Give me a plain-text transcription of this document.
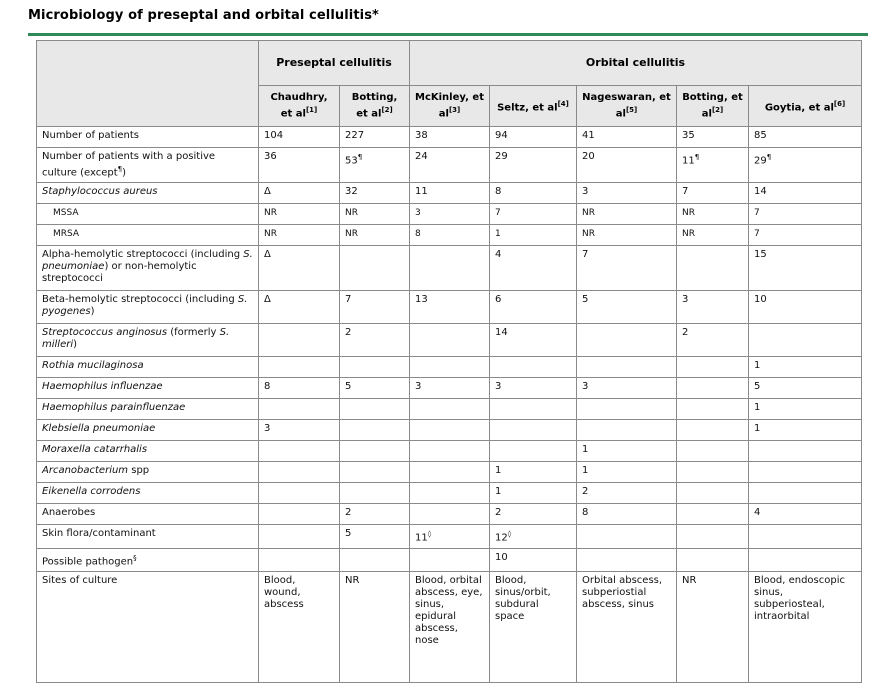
Microbiology of preseptal and orbital cellulitis*
	Preseptal cellulitis		Orbital cellulitis				
	Chaudhry, et al[1]	Botting, et al[2]	McKinley, et al[3]	Seltz, et al[4]	Nageswaran, et al[5]	Botting, et al[2]	Goytia, et al[6]
Number of patients	104	227	38	94	41	35	85
Number of patients with a positive culture (except¶)	36	53¶	24	29	20	11¶	29¶
Staphylococcus aureus	Δ	32	11	8	3	7	14
MSSA	NR	NR	3	7	NR	NR	7
MRSA	NR	NR	8	1	NR	NR	7
Alpha-hemolytic streptococci (including S. pneumoniae) or non-hemolytic streptococci	Δ			4	7		15
Beta-hemolytic streptococci (including S. pyogenes)	Δ	7	13	6	5	3	10
Streptococcus anginosus (formerly S. milleri)		2		14		2	
Rothia mucilaginosa							1
Haemophilus influenzae	8	5	3	3	3		5
Haemophilus parainfluenzae							1
Klebsiella pneumoniae	3						1
Moraxella catarrhalis					1		
Arcanobacterium spp				1	1		
Eikenella corrodens				1	2		
Anaerobes		2		2	8		4
Skin flora/contaminant		5	11◊	12◊			
Possible pathogen§				10			
Sites of culture	Blood, wound, abscess	NR	Blood, orbital abscess, eye, sinus, epidural abscess, nose	Blood, sinus/orbit, subdural space	Orbital abscess, subperiostial abscess, sinus	NR	Blood, endoscopic sinus, subperiosteal, intraorbital
